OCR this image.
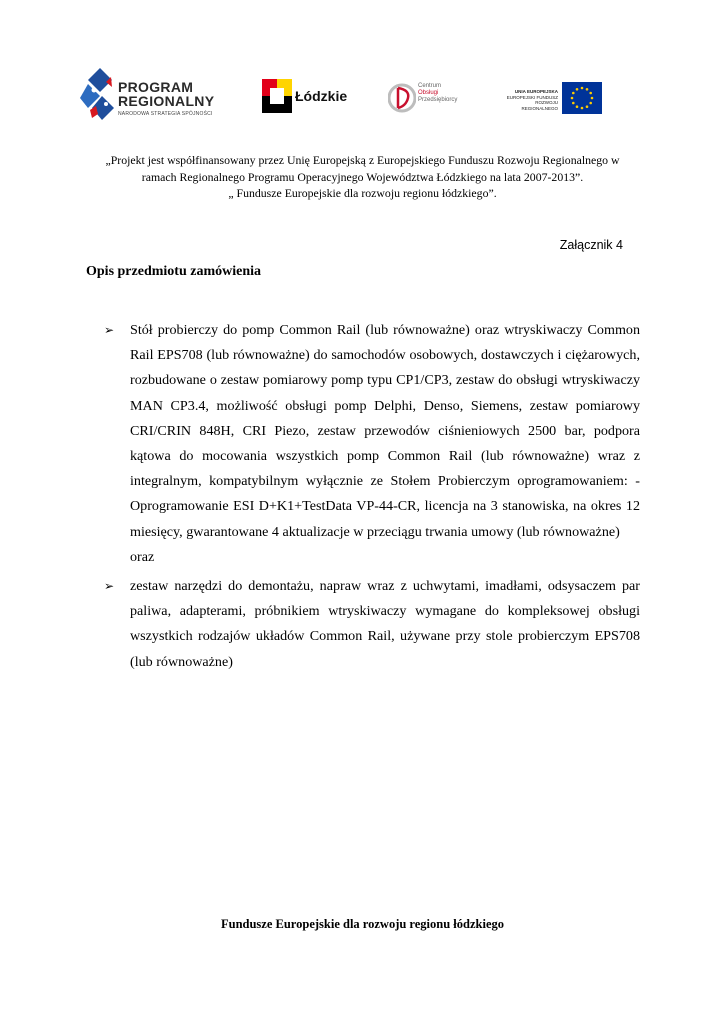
PROGRAM
REGIONALNY
NARODOWA STRATEGIA SPÓJNOŚCI
Łódzkie
Centrum
Obsługi
Przedsiębiorcy
UNIA EUROPEJSKA
EUROPEJSKI FUNDUSZ
ROZWOJU REGIONALNEGO
„Projekt jest współfinansowany przez Unię Europejską z Europejskiego Funduszu Rozwoju Regionalnego w
ramach Regionalnego Programu Operacyjnego Województwa Łódzkiego na lata 2007-2013”.
„ Fundusze Europejskie dla rozwoju regionu łódzkiego”.
Załącznik 4
Opis przedmiotu zamówienia
➢ Stół probierczy do pomp Common Rail (lub równoważne) oraz wtryskiwaczy Common Rail EPS708 (lub równoważne) do samochodów osobowych, dostawczych i ciężarowych, rozbudowane o zestaw pomiarowy pomp typu CP1/CP3, zestaw do obsługi wtryskiwaczy MAN CP3.4, możliwość obsługi pomp Delphi, Denso, Siemens, zestaw pomiarowy CRI/CRIN 848H, CRI Piezo, zestaw przewodów ciśnieniowych 2500 bar, podpora kątowa do mocowania wszystkich pomp Common Rail (lub równoważne) wraz z integralnym, kompatybilnym wyłącznie ze Stołem Probierczym oprogramowaniem: - Oprogramowanie ESI D+K1+TestData VP-44-CR, licencja na 3 stanowiska, na okres 12 miesięcy, gwarantowane 4 aktualizacje w przeciągu trwania umowy (lub równoważne)
oraz
➢ zestaw narzędzi do demontażu, napraw wraz z uchwytami, imadłami, odsysaczem par paliwa, adapterami, próbnikiem wtryskiwaczy wymagane do kompleksowej obsługi wszystkich rodzajów układów Common Rail, używane przy stole probierczym EPS708 (lub równoważne)
Fundusze Europejskie dla rozwoju regionu łódzkiego
